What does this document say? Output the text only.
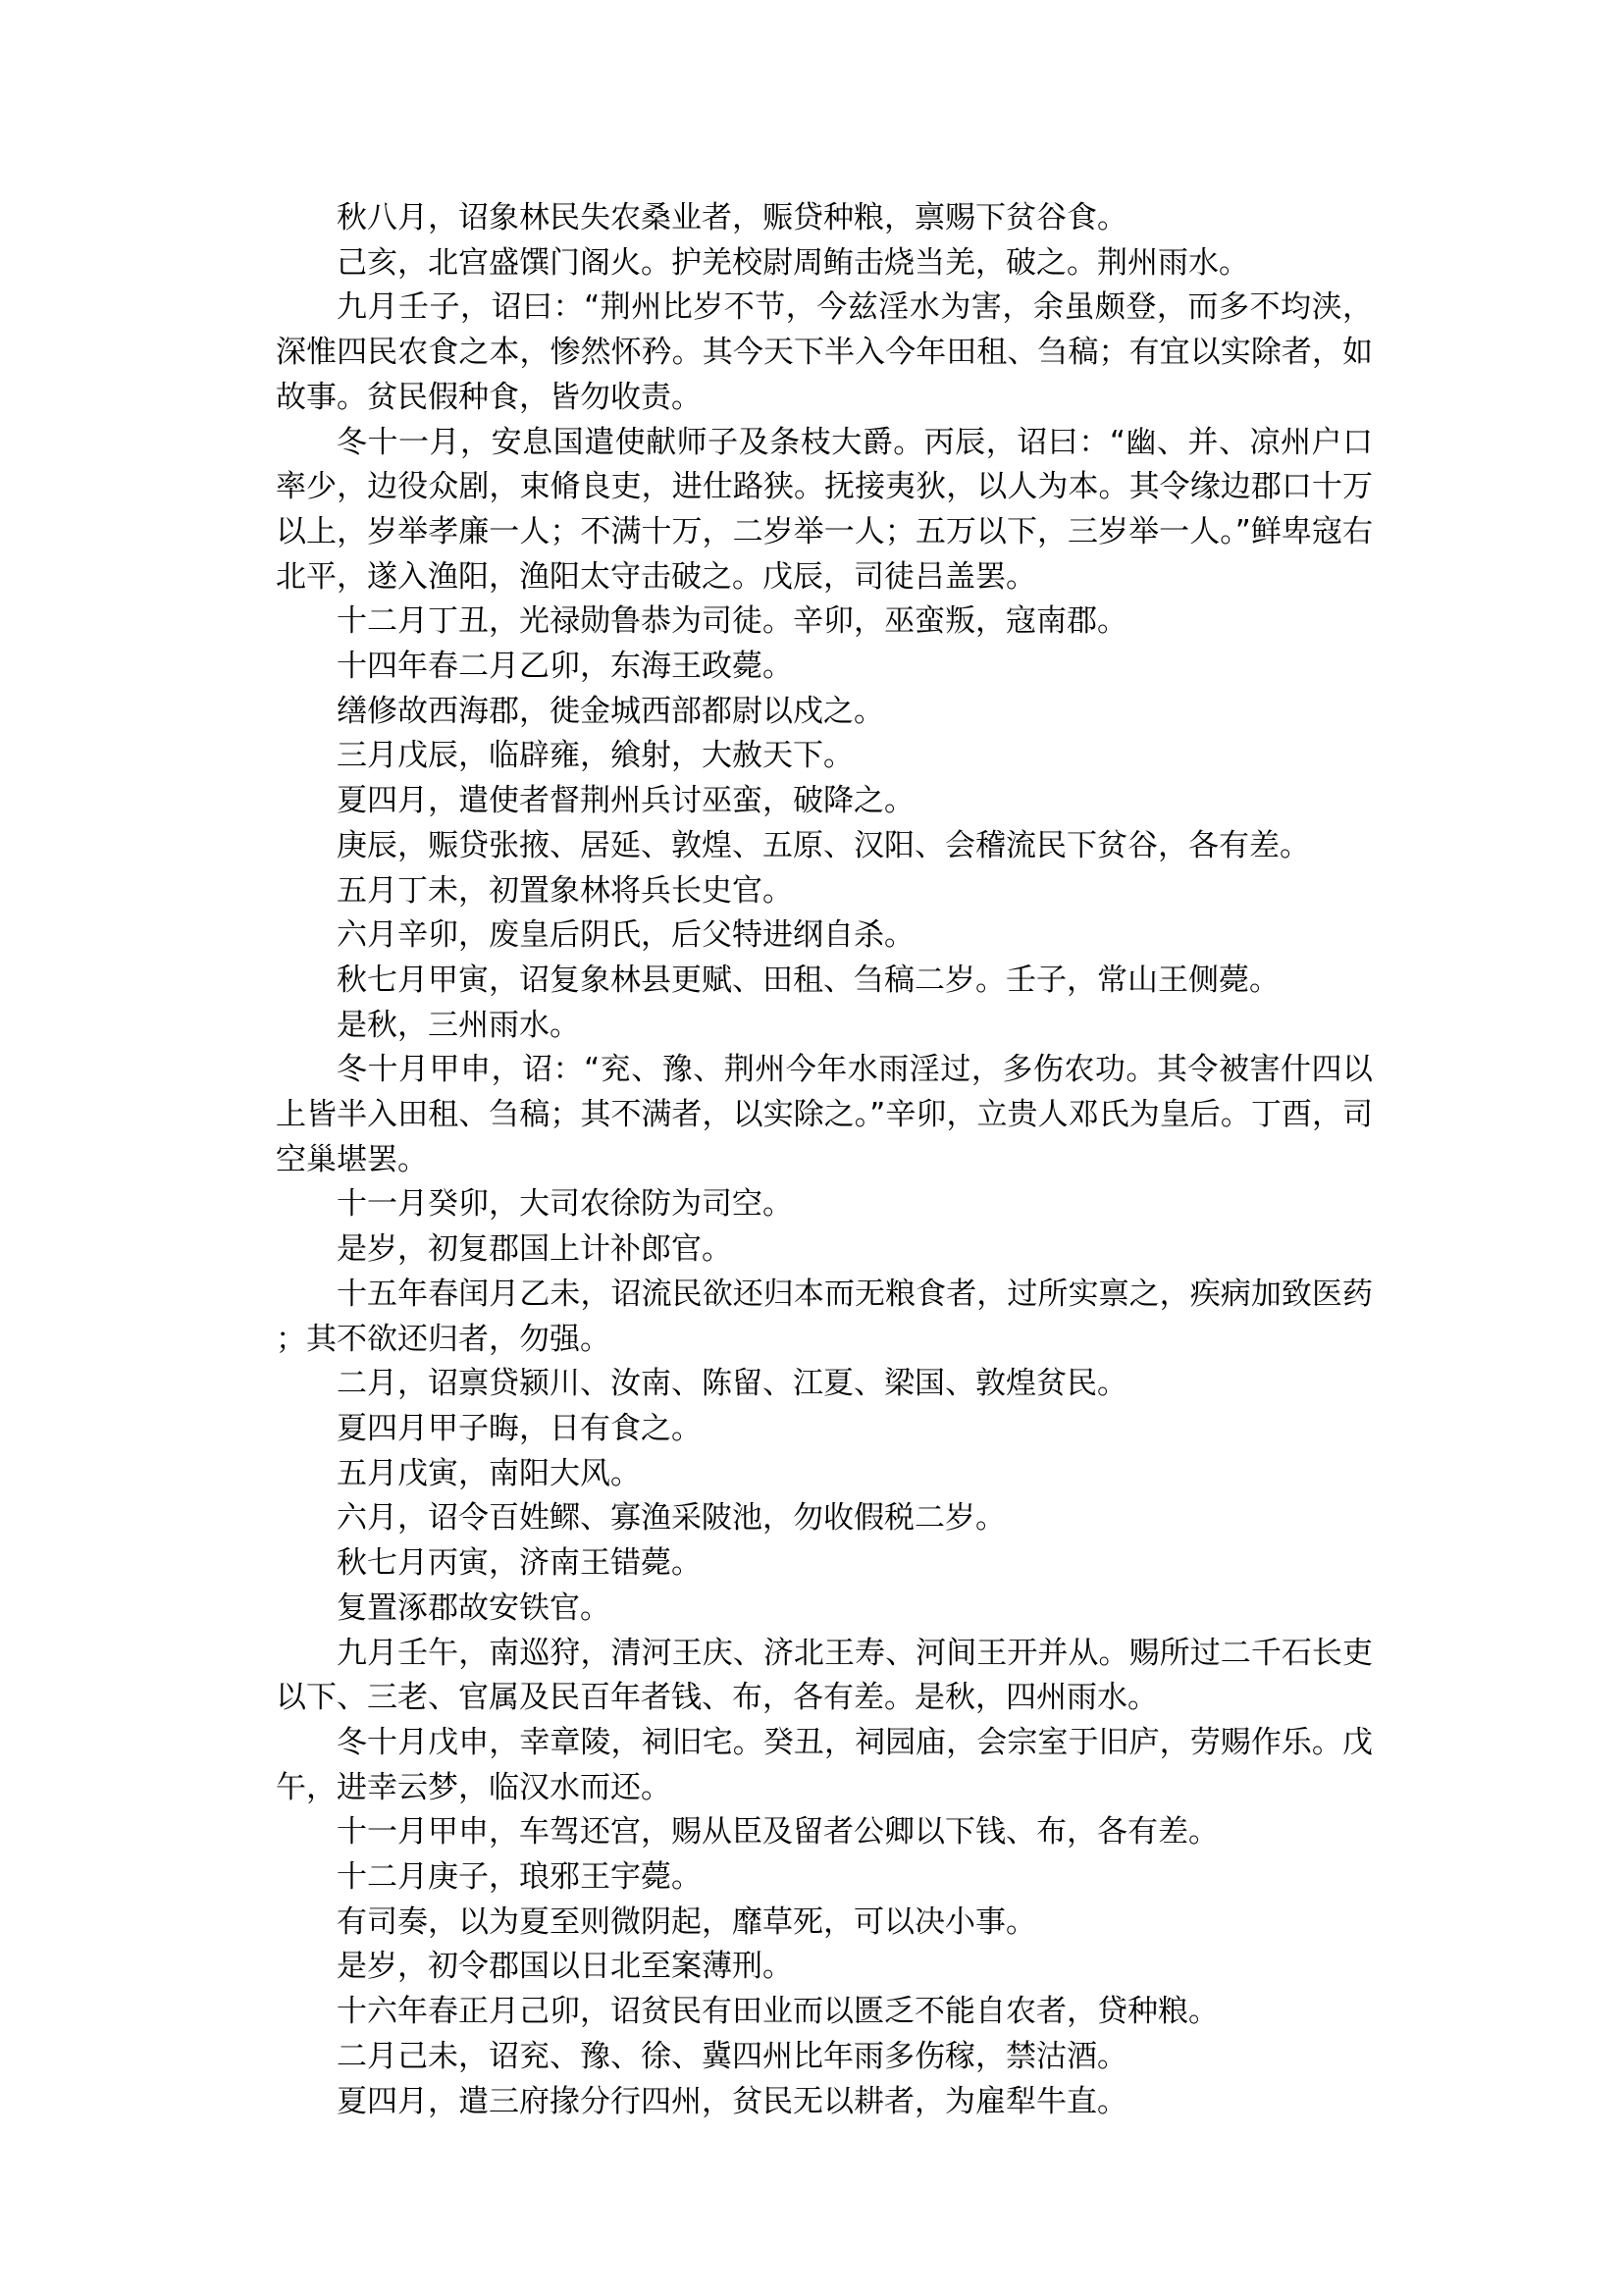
秋八月，诏象林民失农桑业者，赈贷种粮，禀赐下贫谷食。

己亥，北宫盛馔门阁火。护羌校尉周鲔击烧当羌，破之。荆州雨水。

九月壬子，诏曰：“荆州比岁不节，今兹淫水为害，余虽颇登，而多不均浃，深惟四民农食之本，惨然怀矜。其今天下半入今年田租、刍稿；有宜以实除者，如故事。贫民假种食，皆勿收责。

冬十一月，安息国遣使献师子及条枝大爵。丙辰，诏曰：“幽、并、凉州户口率少，边役众剧，束脩良吏，进仕路狭。抚接夷狄，以人为本。其令缘边郡口十万以上，岁举孝廉一人；不满十万，二岁举一人；五万以下，三岁举一人。”鲜卑寇右北平，遂入渔阳，渔阳太守击破之。戊辰，司徒吕盖罢。

十二月丁丑，光禄勋鲁恭为司徒。辛卯，巫蛮叛，寇南郡。

十四年春二月乙卯，东海王政薨。

缮修故西海郡，徙金城西部都尉以戍之。

三月戊辰，临辟雍，飨射，大赦天下。

夏四月，遣使者督荆州兵讨巫蛮，破降之。

庚辰，赈贷张掖、居延、敦煌、五原、汉阳、会稽流民下贫谷，各有差。

五月丁未，初置象林将兵长史官。

六月辛卯，废皇后阴氏，后父特进纲自杀。

秋七月甲寅，诏复象林县更赋、田租、刍稿二岁。壬子，常山王侧薨。

是秋，三州雨水。

冬十月甲申，诏：“兖、豫、荆州今年水雨淫过，多伤农功。其令被害什四以上皆半入田租、刍稿；其不满者，以实除之。”辛卯，立贵人邓氏为皇后。丁酉，司空巢堪罢。

十一月癸卯，大司农徐防为司空。

是岁，初复郡国上计补郎官。

十五年春闰月乙未，诏流民欲还归本而无粮食者，过所实禀之，疾病加致医药；其不欲还归者，勿强。

二月，诏禀贷颍川、汝南、陈留、江夏、梁国、敦煌贫民。

夏四月甲子晦，日有食之。

五月戊寅，南阳大风。

六月，诏令百姓鳏、寡渔采陂池，勿收假税二岁。

秋七月丙寅，济南王错薨。

复置涿郡故安铁官。

九月壬午，南巡狩，清河王庆、济北王寿、河间王开并从。赐所过二千石长吏以下、三老、官属及民百年者钱、布，各有差。是秋，四州雨水。

冬十月戊申，幸章陵，祠旧宅。癸丑，祠园庙，会宗室于旧庐，劳赐作乐。戊午，进幸云梦，临汉水而还。

十一月甲申，车驾还宫，赐从臣及留者公卿以下钱、布，各有差。

十二月庚子，琅邪王宇薨。

有司奏，以为夏至则微阴起，靡草死，可以决小事。

是岁，初令郡国以日北至案薄刑。

十六年春正月己卯，诏贫民有田业而以匮乏不能自农者，贷种粮。

二月己未，诏兖、豫、徐、冀四州比年雨多伤稼，禁沽酒。

夏四月，遣三府掾分行四州，贫民无以耕者，为雇犁牛直。
